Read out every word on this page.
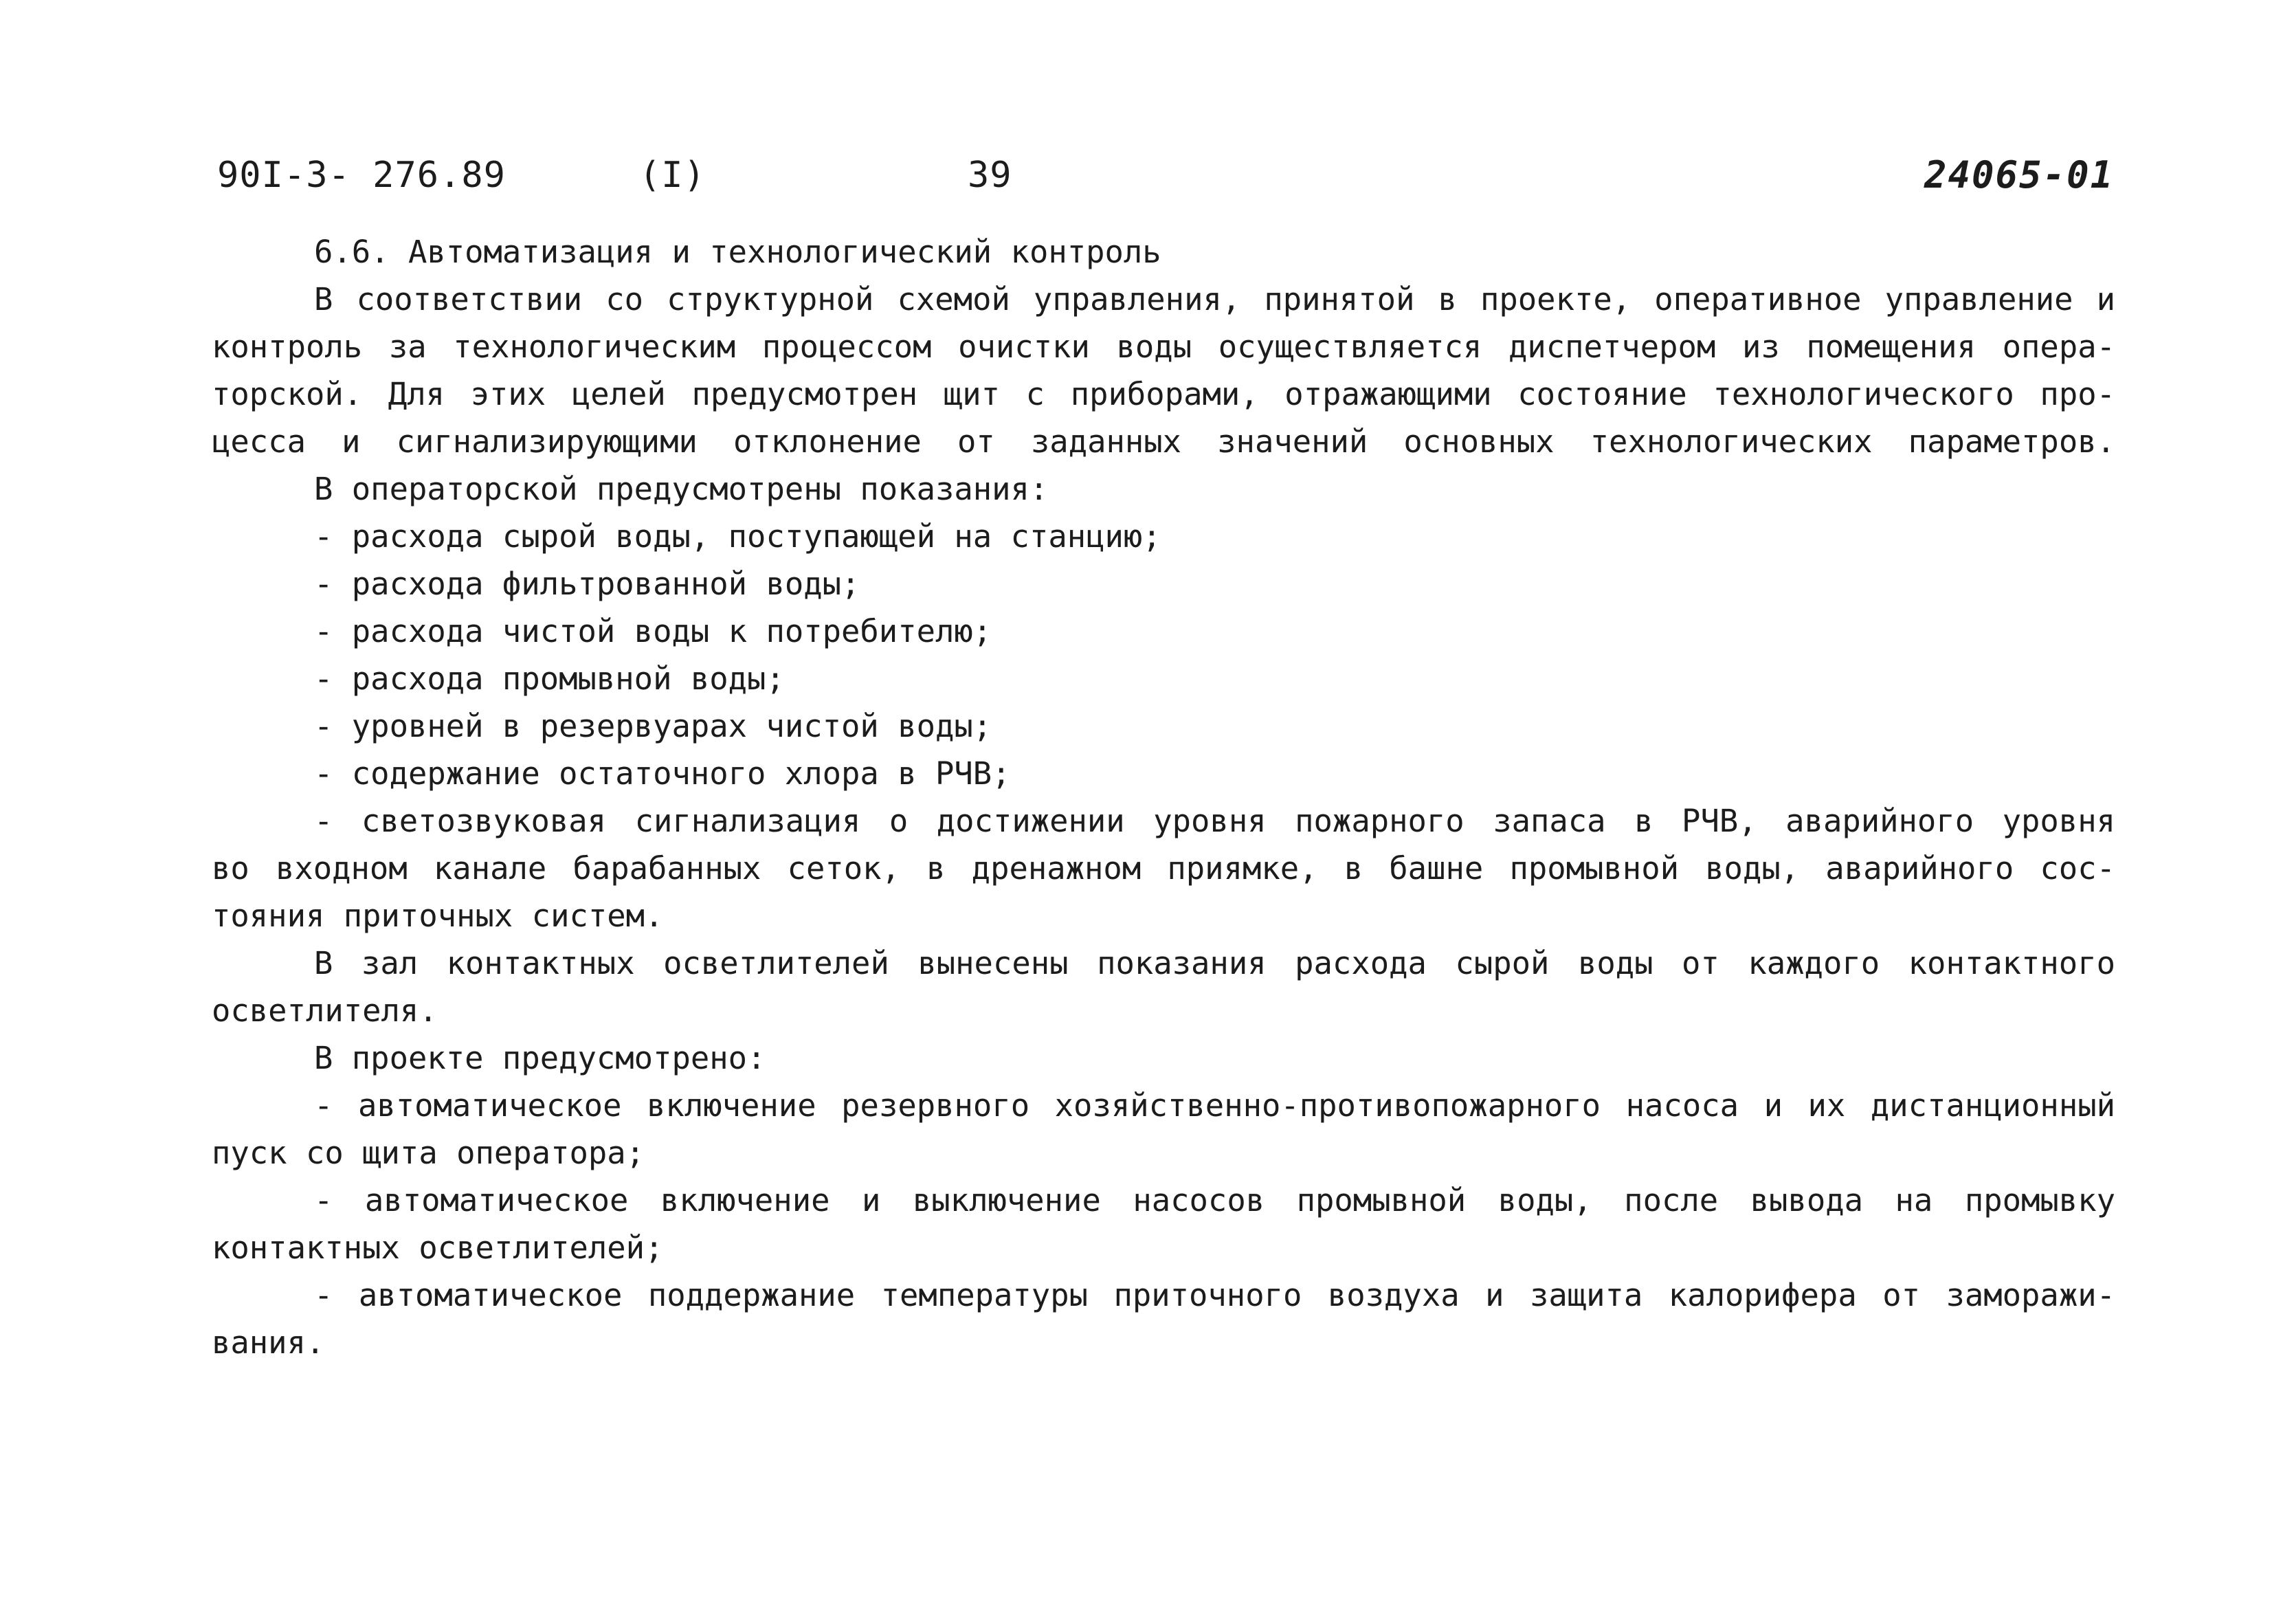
90I-3- 276.89	(I)	39	24065-01
6.6. Автоматизация и технологический контроль
В соответствии со структурной схемой управления, принятой в проекте, оперативное управление и
контроль за технологическим процессом очистки воды осуществляется диспетчером из помещения опера-
торской. Для этих целей предусмотрен щит с приборами, отражающими состояние технологического про-
цесса и сигнализирующими отклонение от заданных значений основных технологических параметров.
В операторской предусмотрены показания:
- расхода сырой воды, поступающей на станцию;
- расхода фильтрованной воды;
- расхода чистой воды к потребителю;
- расхода промывной воды;
- уровней в резервуарах чистой воды;
- содержание остаточного хлора в РЧВ;
- светозвуковая сигнализация о достижении уровня пожарного запаса в РЧВ, аварийного уровня
во входном канале барабанных сеток, в дренажном приямке, в башне промывной воды, аварийного сос-
тояния приточных систем.
В зал контактных осветлителей вынесены показания расхода сырой воды от каждого контактного
осветлителя.
В проекте предусмотрено:
- автоматическое включение резервного хозяйственно-противопожарного насоса и их дистанционный
пуск со щита оператора;
- автоматическое включение и выключение насосов промывной воды, после вывода на промывку
контактных осветлителей;
- автоматическое поддержание температуры приточного воздуха и защита калорифера от заморажи-
вания.
